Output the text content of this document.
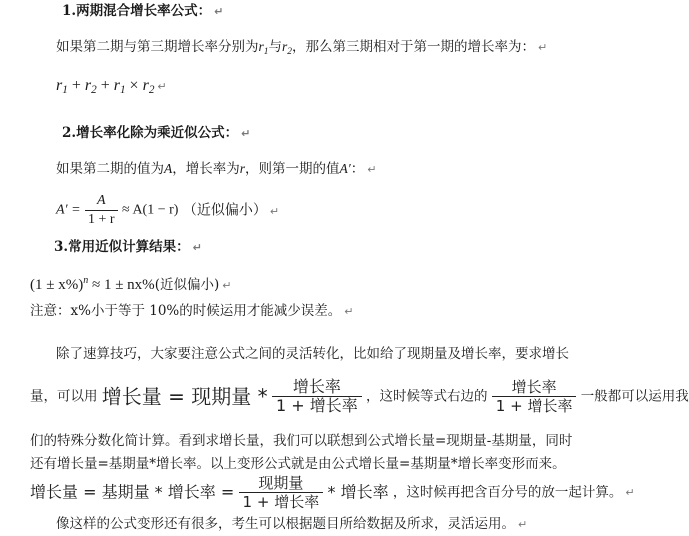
1.两期混合增长率公式： ↵
如果第二期与第三期增长率分别为$r_1$与$r_2$，那么第三期相对于第一期的增长率为： ↵
$r_1 + r_2 + r_1 \times r_2$ ↵
2.增长率化除为乘近似公式： ↵
如果第二期的值为A，增长率为r，则第一期的值A′： ↵
$A' = \frac{A}{1 + r} \approx A(1 - r)$ （近似偏小） ↵
3.常用近似计算结果： ↵
$(1 \pm x\%)^n \approx 1 \pm nx\%$(近似偏小) ↵
注意：x%小于等于 10%的时候运用才能减少误差。 ↵
除了速算技巧，大家要注意公式之间的灵活转化，比如给了现期量及增长率，要求增长
量，可以用 增长量 = 现期量 * $\frac{\text{增长率}}{\text{1 + 增长率}}$ ，这时候等式右边的 $\frac{\text{增长率}}{\text{1 + 增长率}}$ 一般都可以运用我
们的特殊分数化简计算。看到求增长量，我们可以联想到公式增长量=现期量-基期量，同时
还有增长量=基期量*增长率。以上变形公式就是由公式增长量=基期量*增长率变形而来。
增长量 = 基期量 * 增长率 = $\frac{\text{现期量}}{\text{1 + 增长率}}$ * 增长率 ，这时候再把含百分号的放一起计算。 ↵
像这样的公式变形还有很多，考生可以根据题目所给数据及所求，灵活运用。 ↵
